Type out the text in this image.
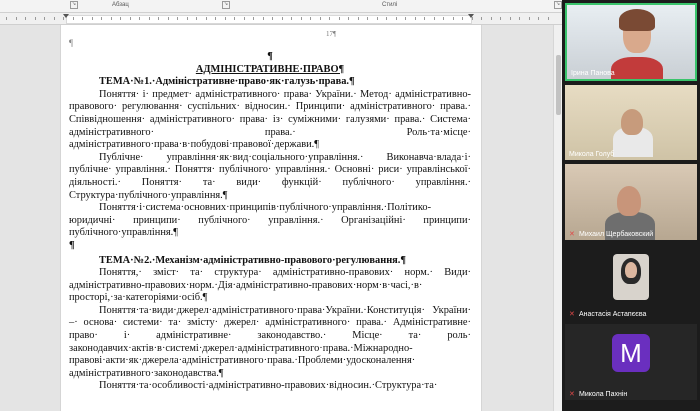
↘	Абзац	↘	Стилі	↘
17¶
¶
¶
АДМІНІСТРАТИВНЕ·ПРАВО¶
ТЕМА·№1.·Адміністративне·право·як·галузь·права.¶
Поняття· і· предмет· адміністративного· права· України.· Метод· адміністративно-правового· регулювання· суспільних· відносин.· Принципи· адміністративного· права.· Співвідношення· адміністративного· права· із· суміжними· галузями· права.· Система· адміністративного· права.· Роль·та·місце· адміністративного·права·в·побудові·правової·держави.¶
Публічне· управління·як·вид·соціального·управління.· Виконавча·влада·і· публічне· управління.· Поняття· публічного· управління.· Основні· риси· управлінської· діяльності.· Поняття· та· види· функцій· публічного· управління.· Структура·публічного·управління.¶
Поняття·і·система·основних·принципів·публічного·управління.·Політико-юридичні· принципи· публічного· управління.· Організаційні· принципи· публічного·управління.¶
¶
ТЕМА·№2.·Механізм·адміністративно-правового·регулювання.¶
Поняття,· зміст· та· структура· адміністративно-правових· норм.· Види· адміністративно-правових·норм.·Дія·адміністративно-правових·норм·в·часі,·в· просторі,·за·категоріями·осіб.¶
Поняття·та·види·джерел·адміністративного·права·України.·Конституція· України· –· основа· системи· та· змісту· джерел· адміністративного· права.· Адміністративне· право· і· адміністративне· законодавство.· Місце· та· роль· законодавчих·актів·в·системі·джерел·адміністративного·права.·Міжнародно-правові·акти·як·джерела·адміністративного·права.·Проблеми·удосконалення· адміністративного·законодавства.¶
Поняття·та·особливості·адміністративно-правових·відносин.·Структура·та·
Ірина Панова
Микола Голуб
✕ Михаил Щербаковский
✕ Анастасія Астапєєва
M
✕ Микола Пахнін
